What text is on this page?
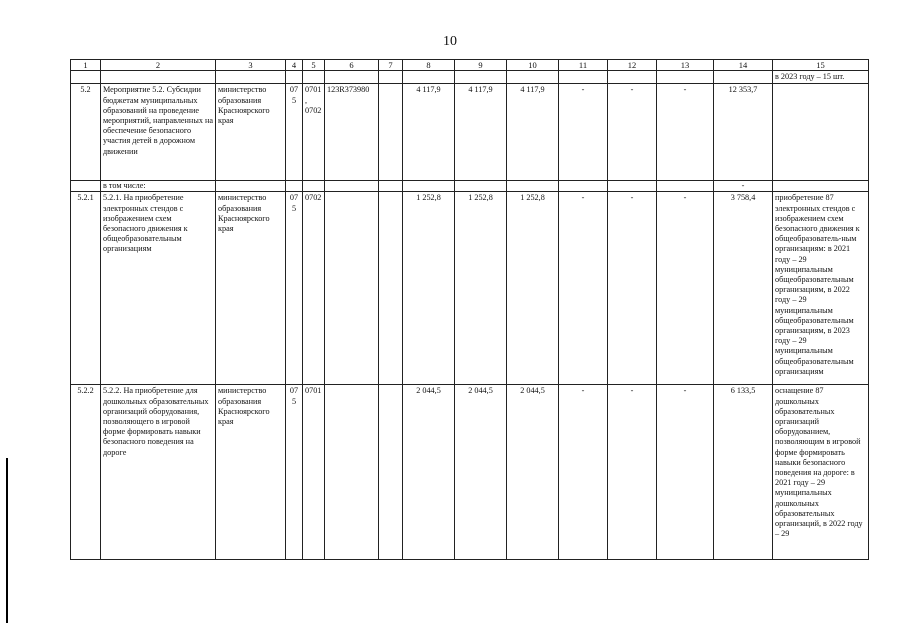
10
1	2	3	4	5	6	7	8	9	10	11	12	13	14	15
														в 2023 году – 15 шт.
5.2	Мероприятие 5.2. Субсидии бюджетам муниципальных образований на проведение мероприятий, направленных на обеспечение безопасного участия детей в дорожном движении	министерство образования Красноярского края	075	0701, 0702	123R373980		4 117,9	4 117,9	4 117,9	-	-	-	12 353,7	
	в том числе:												-	
5.2.1	5.2.1. На приобретение электронных стендов с изображением схем безопасного движения к общеобразовательным организациям	министерство образования Красноярского края	075	0702			1 252,8	1 252,8	1 252,8	-	-	-	3 758,4	приобретение 87 электронных стендов с изображением схем безопасного движения к общеобразователь-ным организациям: в 2021 году – 29 муниципальным общеобразовательным организациям, в 2022 году – 29 муниципальным общеобразовательным организациям, в 2023 году – 29 муниципальным общеобразовательным организациям
5.2.2	5.2.2. На приобретение для дошкольных образовательных организаций оборудования, позволяющего в игровой форме формировать навыки безопасного поведения на дороге	министерство образования Красноярского края	075	0701			2 044,5	2 044,5	2 044,5	-	-	-	6 133,5	оснащение 87 дошкольных образовательных организаций оборудованием, позволяющим в игровой форме формировать навыки безопасного поведения на дороге: в 2021 году – 29 муниципальных дошкольных образовательных организаций, в 2022 году – 29
